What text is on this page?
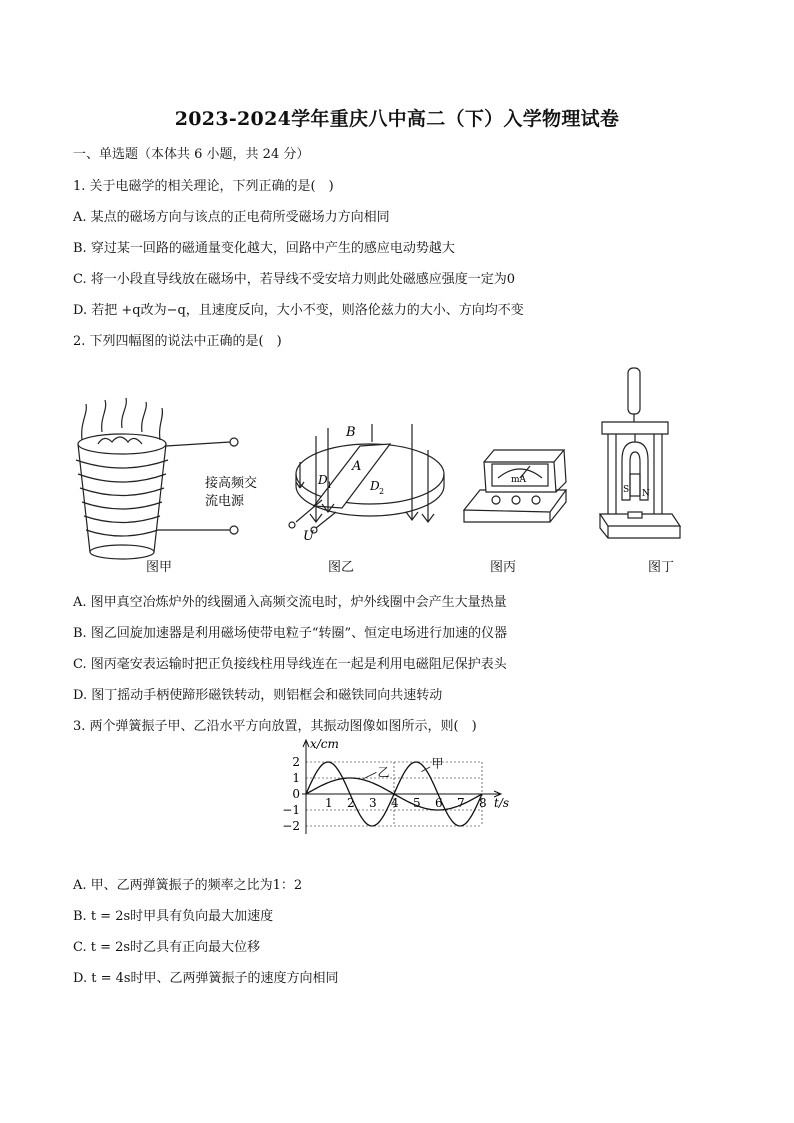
2023-2024学年重庆八中高二（下）入学物理试卷
一、单选题（本体共 6 小题，共 24 分）
1. 关于电磁学的相关理论，下列正确的是(　)
A. 某点的磁场方向与该点的正电荷所受磁场力方向相同
B. 穿过某一回路的磁通量变化越大，回路中产生的感应电动势越大
C. 将一小段直导线放在磁场中，若导线不受安培力则此处磁感应强度一定为0
D. 若把 +q改为−q，且速度反向，大小不变，则洛伦兹力的大小、方向均不变
2. 下列四幅图的说法中正确的是(　)
接高频交
流电源
B
A
D 1	D 2
U
mA
S N
图甲	图乙	图丙	图丁
A. 图甲真空冶炼炉外的线圈通入高频交流电时，炉外线圈中会产生大量热量
B. 图乙回旋加速器是利用磁场使带电粒子“转圈”、恒定电场进行加速的仪器
C. 图丙毫安表运输时把正负接线柱用导线连在一起是利用电磁阻尼保护表头
D. 图丁摇动手柄使蹄形磁铁转动，则铝框会和磁铁同向共速转动
3. 两个弹簧振子甲、乙沿水平方向放置，其振动图像如图所示，则(　)
1 2 3 4 5 6 7 8
2
1
0
−1
−2
t/s
x/cm
甲
乙
A. 甲、乙两弹簧振子的频率之比为1：2
B. t = 2s时甲具有负向最大加速度
C. t = 2s时乙具有正向最大位移
D. t = 4s时甲、乙两弹簧振子的速度方向相同
